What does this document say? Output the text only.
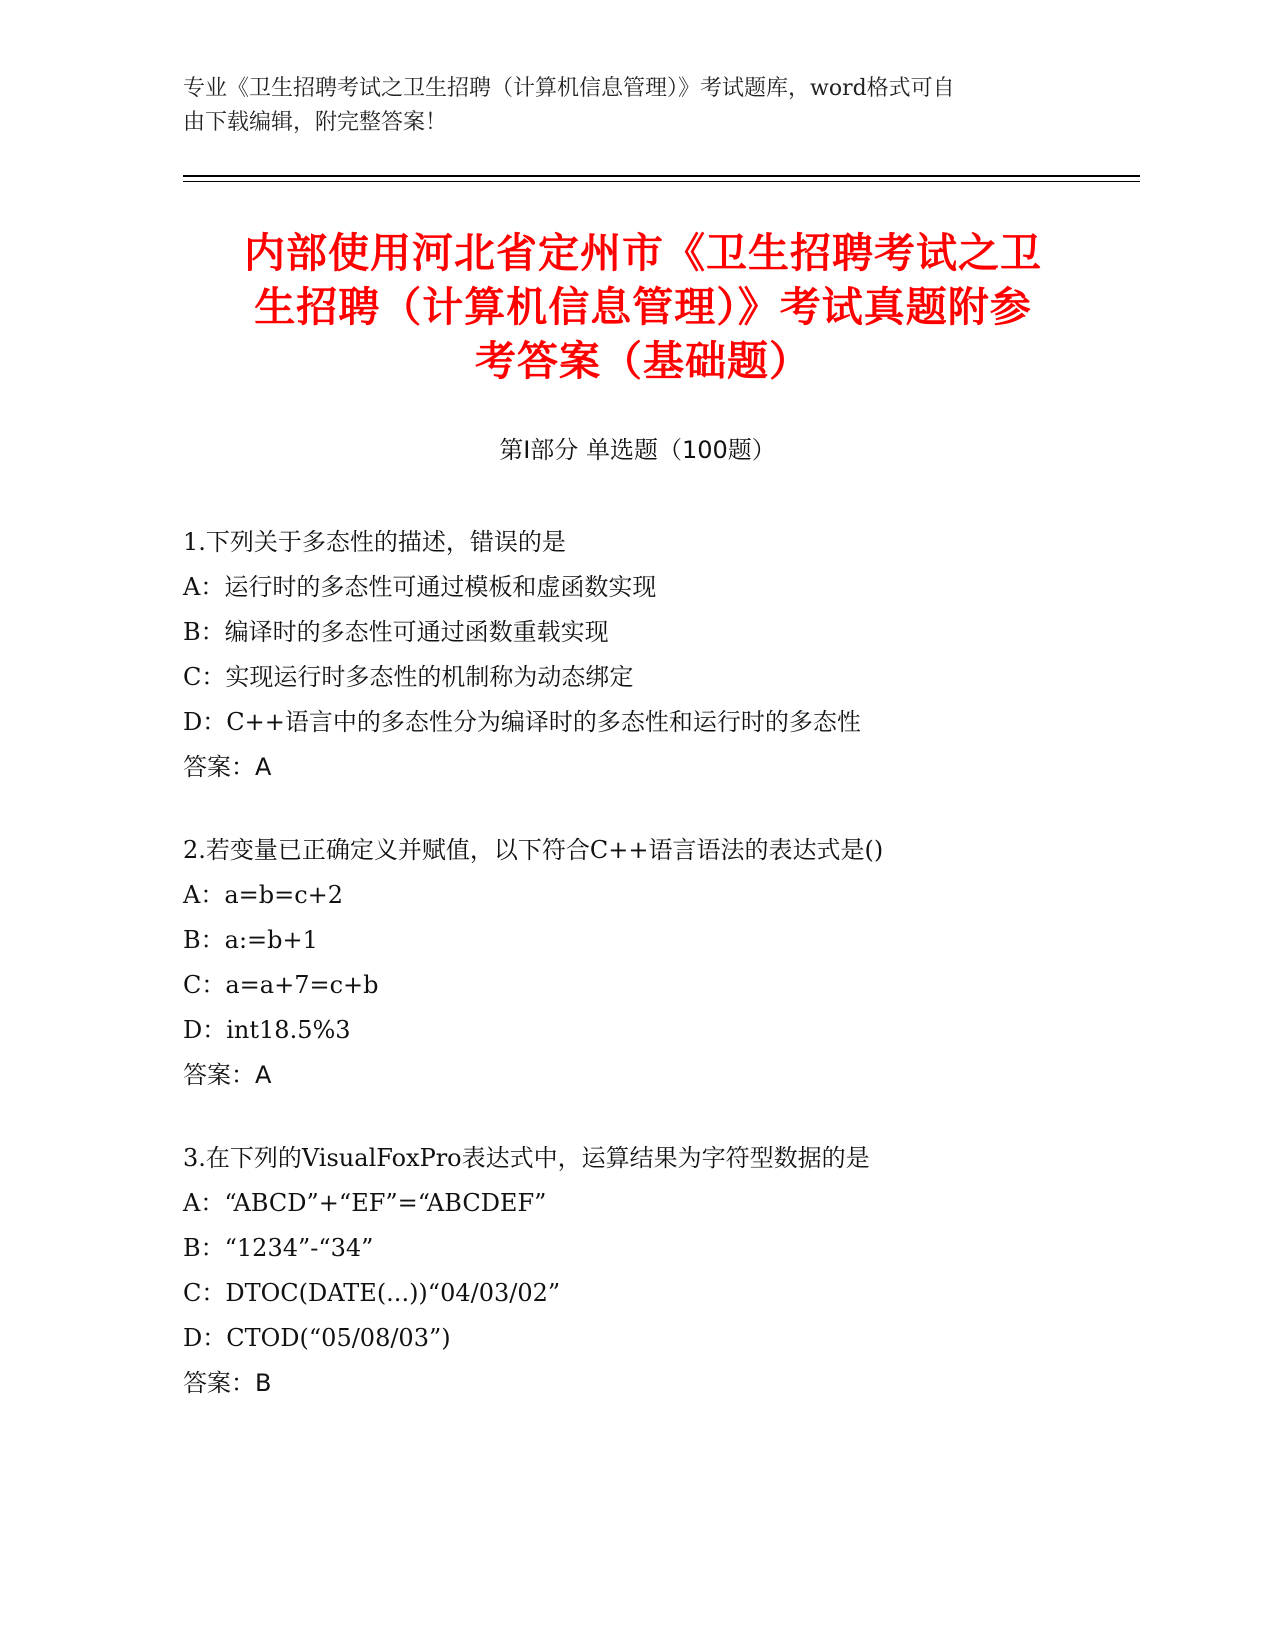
专业《卫生招聘考试之卫生招聘（计算机信息管理）》考试题库，word格式可自
由下载编辑，附完整答案！
内部使用河北省定州市《卫生招聘考试之卫
生招聘（计算机信息管理）》考试真题附参
考答案（基础题）
第Ⅰ部分 单选题（100题）
1.下列关于多态性的描述，错误的是
A：运行时的多态性可通过模板和虚函数实现
B：编译时的多态性可通过函数重载实现
C：实现运行时多态性的机制称为动态绑定
D：C++语言中的多态性分为编译时的多态性和运行时的多态性
答案：A
2.若变量已正确定义并赋值，以下符合C++语言语法的表达式是()
A：a=b=c+2
B：a:=b+1
C：a=a+7=c+b
D：int18.5%3
答案：A
3.在下列的VisualFoxPro表达式中，运算结果为字符型数据的是
A：“ABCD”+“EF”=“ABCDEF”
B：“1234”-“34”
C：DTOC(DATE(...))“04/03/02”
D：CTOD(“05/08/03”)
答案：B
